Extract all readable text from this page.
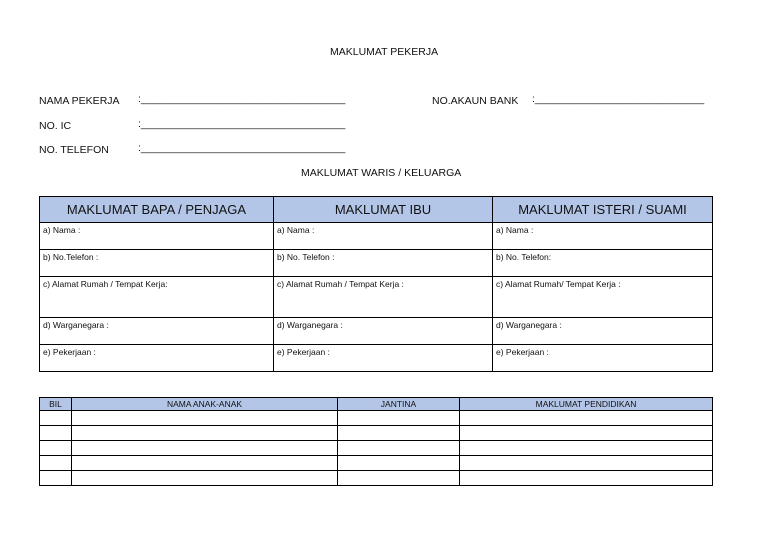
MAKLUMAT PEKERJA
NAMA PEKERJA :___________________________________
NO. IC	:___________________________________
NO. TELEFON	:___________________________________
NO.AKAUN BANK :_____________________________
MAKLUMAT WARIS / KELUARGA
MAKLUMAT BAPA / PENJAGA	MAKLUMAT IBU	MAKLUMAT ISTERI / SUAMI
a) Nama :	a) Nama :	a) Nama :
b) No.Telefon :	b) No. Telefon :	b) No. Telefon:
c) Alamat Rumah / Tempat Kerja:	c) Alamat Rumah / Tempat Kerja :	c) Alamat Rumah/ Tempat Kerja :
d) Warganegara :	d) Warganegara :	d) Warganegara :
e) Pekerjaan :	e) Pekerjaan :	e) Pekerjaan :
BIL	NAMA ANAK-ANAK	JANTINA	MAKLUMAT PENDIDIKAN
